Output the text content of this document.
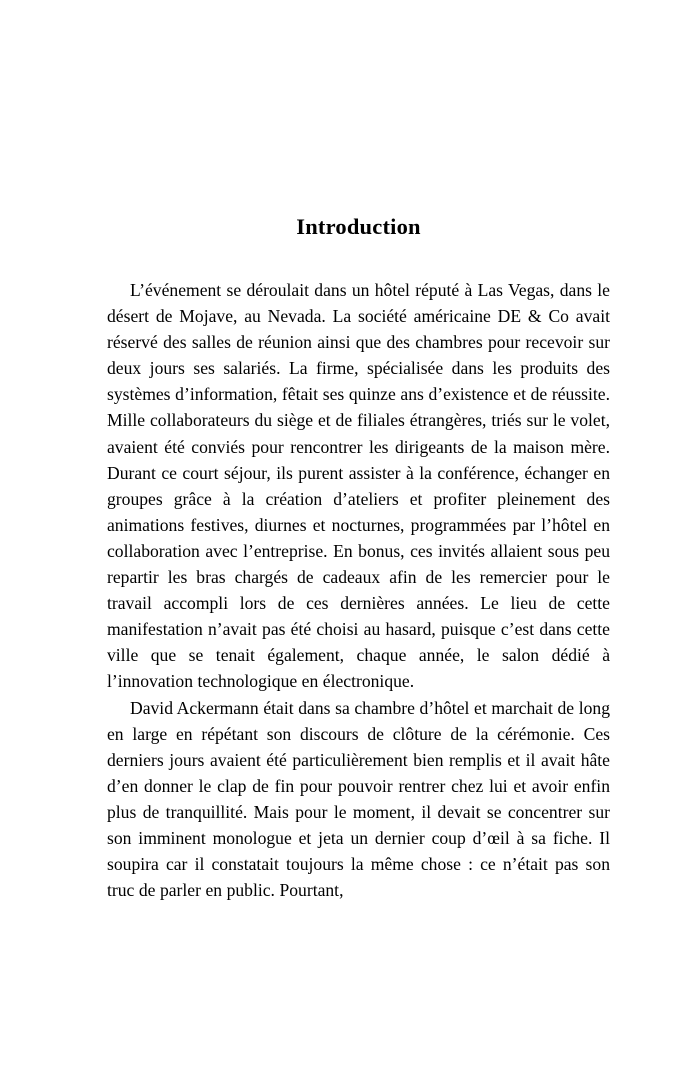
Introduction

L’événement se déroulait dans un hôtel réputé à Las Vegas, dans le désert de Mojave, au Nevada. La société américaine DE & Co avait réservé des salles de réunion ainsi que des chambres pour recevoir sur deux jours ses salariés. La firme, spécialisée dans les produits des systèmes d’information, fêtait ses quinze ans d’existence et de réussite. Mille collaborateurs du siège et de filiales étrangères, triés sur le volet, avaient été conviés pour rencontrer les dirigeants de la maison mère. Durant ce court séjour, ils purent assister à la conférence, échanger en groupes grâce à la création d’ateliers et profiter pleinement des animations festives, diurnes et nocturnes, programmées par l’hôtel en collaboration avec l’entreprise. En bonus, ces invités allaient sous peu repartir les bras chargés de cadeaux afin de les remercier pour le travail accompli lors de ces dernières années. Le lieu de cette manifestation n’avait pas été choisi au hasard, puisque c’est dans cette ville que se tenait également, chaque année, le salon dédié à l’innovation technologique en électronique.

David Ackermann était dans sa chambre d’hôtel et marchait de long en large en répétant son discours de clôture de la cérémonie. Ces derniers jours avaient été particulièrement bien remplis et il avait hâte d’en donner le clap de fin pour pouvoir rentrer chez lui et avoir enfin plus de tranquillité. Mais pour le moment, il devait se concentrer sur son imminent monologue et jeta un dernier coup d’œil à sa fiche. Il soupira car il constatait toujours la même chose : ce n’était pas son truc de parler en public. Pourtant,
